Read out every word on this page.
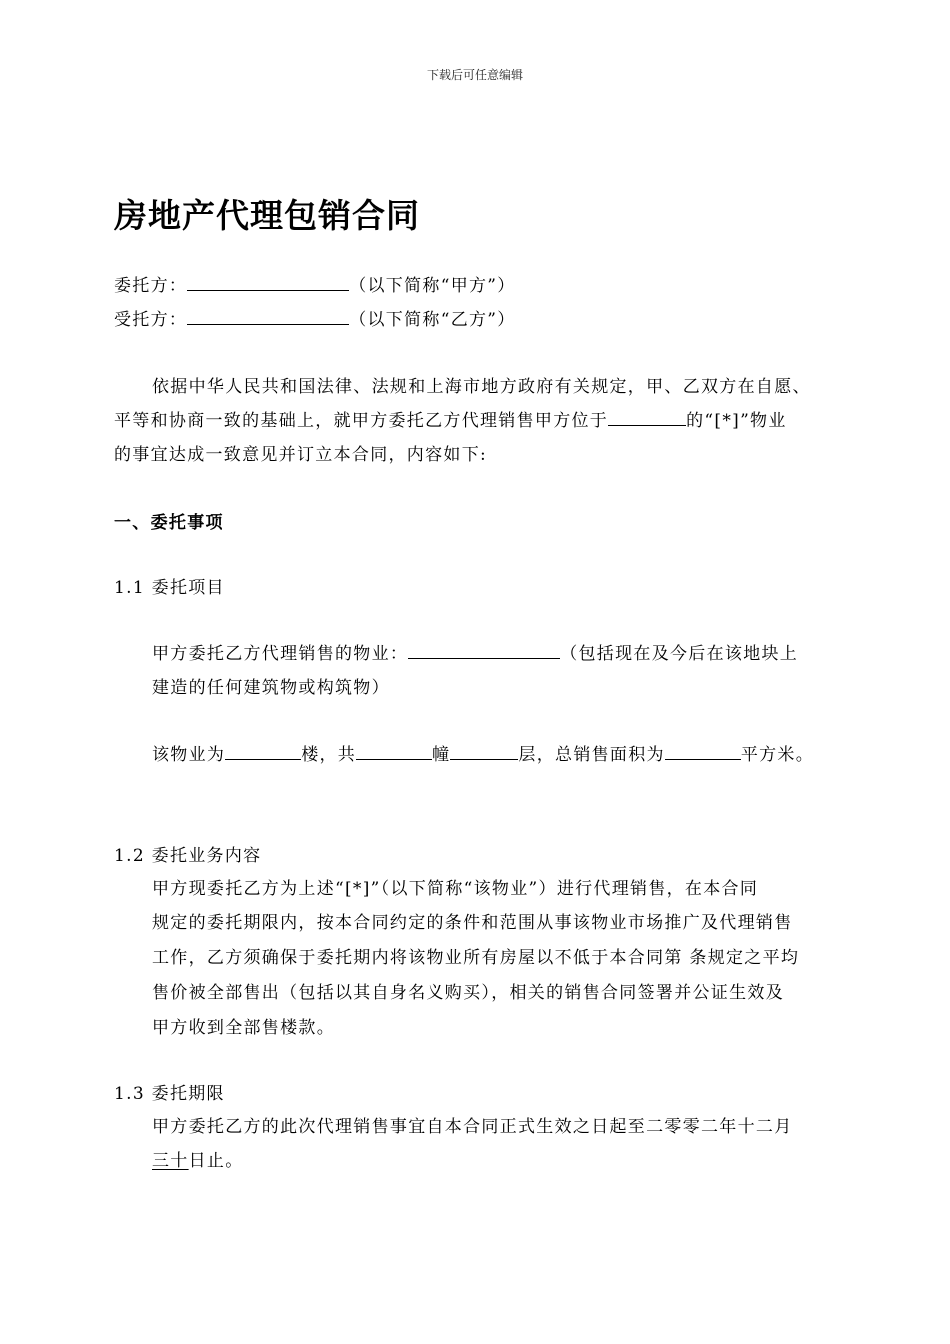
下载后可任意编辑
房地产代理包销合同
委托方：	（以下简称“甲方”）
受托方：	（以下简称“乙方”）
依据中华人民共和国法律、法规和上海市地方政府有关规定，甲、乙双方在自愿、
平等和协商一致的基础上，就甲方委托乙方代理销售甲方位于	的“[*]”物业
的事宜达成一致意见并订立本合同，内容如下:
一、委托事项
1.1 委托项目
甲方委托乙方代理销售的物业：	（包括现在及今后在该地块上
建造的任何建筑物或构筑物）
该物业为	楼，共	幢	层，总销售面积为	平方米。
1.2 委托业务内容
甲方现委托乙方为上述“[*]”（以下简称“该物业”）进行代理销售，在本合同
规定的委托期限内，按本合同约定的条件和范围从事该物业市场推广及代理销售
工作，乙方须确保于委托期内将该物业所有房屋以不低于本合同第 条规定之平均
售价被全部售出（包括以其自身名义购买），相关的销售合同签署并公证生效及
甲方收到全部售楼款。
1.3 委托期限
甲方委托乙方的此次代理销售事宜自本合同正式生效之日起至二零零二年十二月
三十日止。
